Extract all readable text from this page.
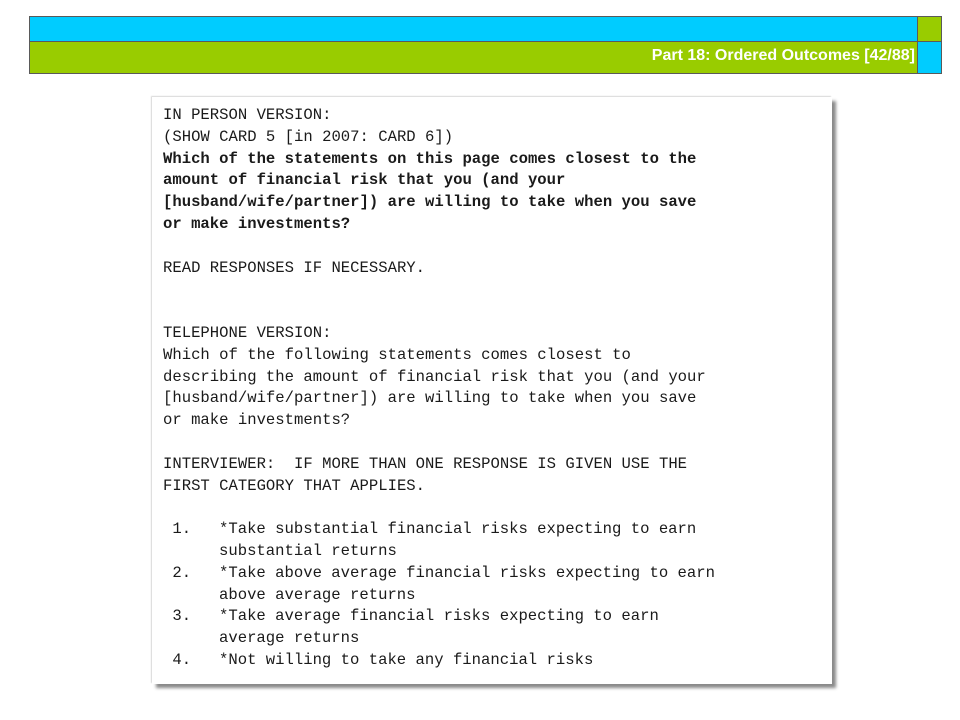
Part 18: Ordered Outcomes [42/88]
IN PERSON VERSION:
(SHOW CARD 5 [in 2007: CARD 6])
Which of the statements on this page comes closest to the
amount of financial risk that you (and your
[husband/wife/partner]) are willing to take when you save
or make investments?
READ RESPONSES IF NECESSARY.
TELEPHONE VERSION:
Which of the following statements comes closest to
describing the amount of financial risk that you (and your
[husband/wife/partner]) are willing to take when you save
or make investments?
INTERVIEWER:  IF MORE THAN ONE RESPONSE IS GIVEN USE THE
FIRST CATEGORY THAT APPLIES.
1.	*Take substantial financial risks expecting to earn
substantial returns
2.	*Take above average financial risks expecting to earn
above average returns
3.	*Take average financial risks expecting to earn
average returns
4.	*Not willing to take any financial risks
